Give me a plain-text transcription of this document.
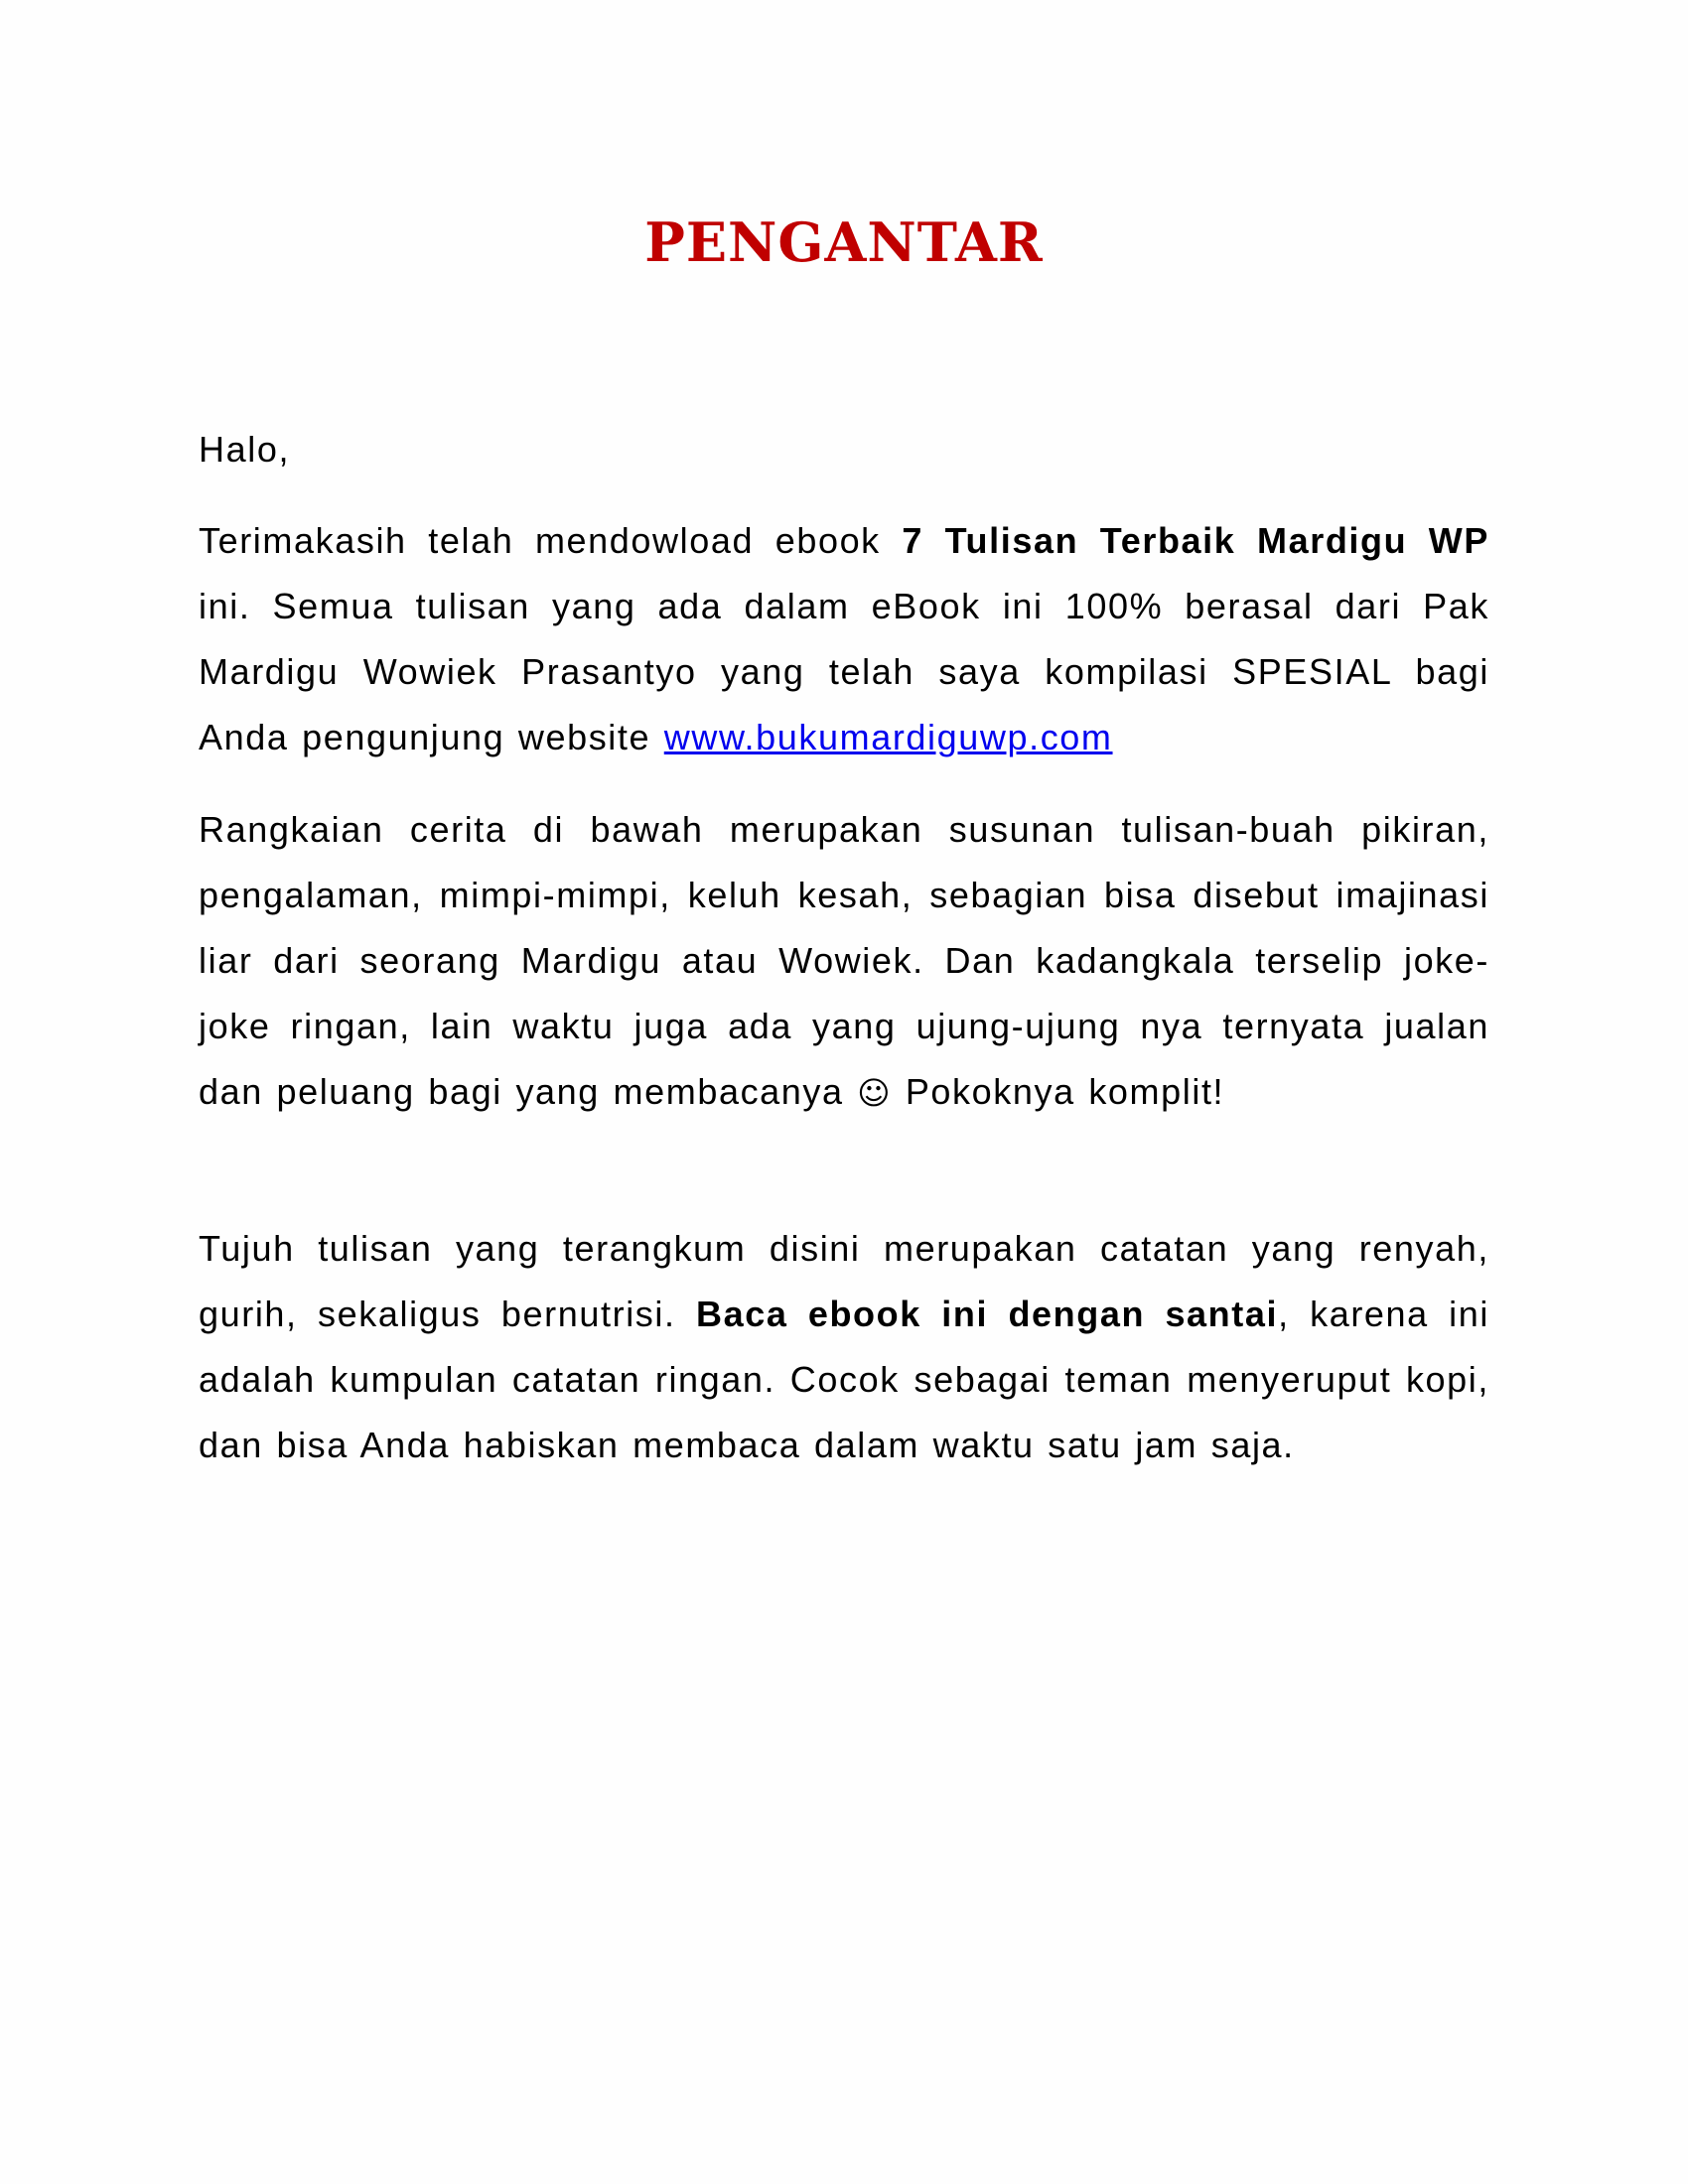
PENGANTAR

Halo,

Terimakasih telah mendowload ebook 7 Tulisan Terbaik Mardigu WP ini. Semua tulisan yang ada dalam eBook ini 100% berasal dari Pak Mardigu Wowiek Prasantyo yang telah saya kompilasi SPESIAL bagi Anda pengunjung website www.bukumardiguwp.com

Rangkaian cerita di bawah merupakan susunan tulisan-buah pikiran, pengalaman, mimpi-mimpi, keluh kesah, sebagian bisa disebut imajinasi liar dari seorang Mardigu atau Wowiek. Dan kadangkala terselip joke-joke ringan, lain waktu juga ada yang ujung-ujung nya ternyata jualan dan peluang bagi yang membacanya ☺ Pokoknya komplit!

Tujuh tulisan yang terangkum disini merupakan catatan yang renyah, gurih, sekaligus bernutrisi. Baca ebook ini dengan santai, karena ini adalah kumpulan catatan ringan. Cocok sebagai teman menyeruput kopi, dan bisa Anda habiskan membaca dalam waktu satu jam saja.
